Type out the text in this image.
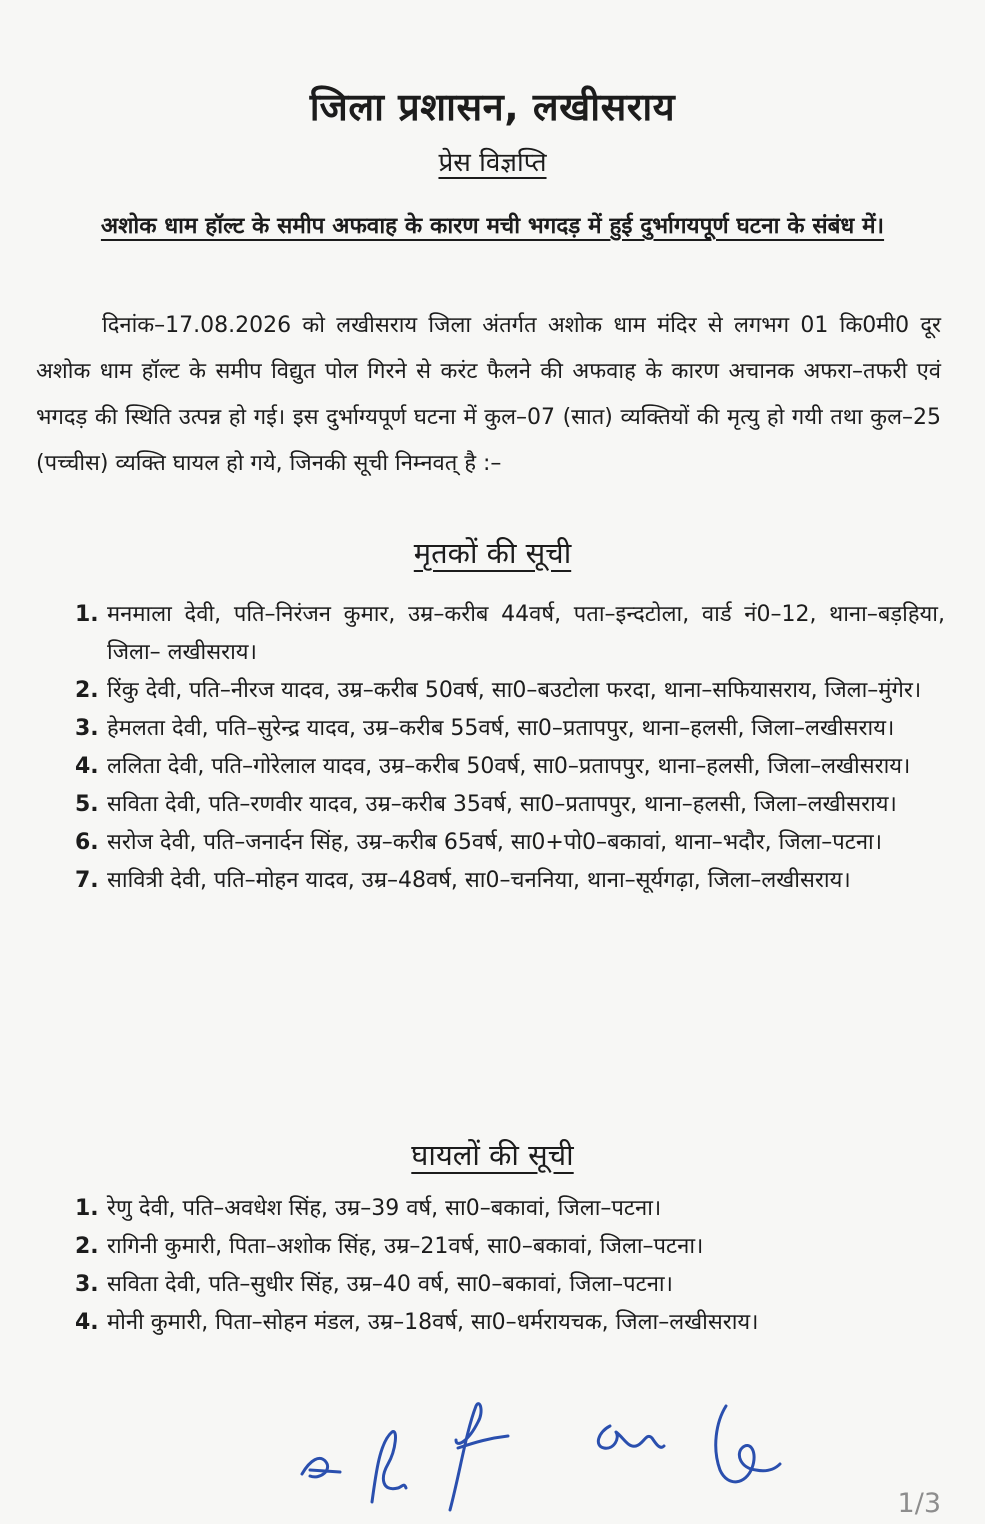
जिला प्रशासन, लखीसराय
प्रेस विज्ञप्ति
अशोक धाम हॉल्ट के समीप अफवाह के कारण मची भगदड़ में हुई दुर्भागयपूर्ण घटना के संबंध में।
दिनांक–17.08.2026 को लखीसराय जिला अंतर्गत अशोक धाम मंदिर से लगभग 01 कि0मी0 दूर अशोक धाम हॉल्ट के समीप विद्युत पोल गिरने से करंट फैलने की अफवाह के कारण अचानक अफरा–तफरी एवं भगदड़ की स्थिति उत्पन्न हो गई। इस दुर्भाग्यपूर्ण घटना में कुल–07 (सात) व्यक्तियों की मृत्यु हो गयी तथा कुल–25 (पच्चीस) व्यक्ति घायल हो गये, जिनकी सूची निम्नवत् है :–
मृतकों की सूची
1. मनमाला देवी, पति–निरंजन कुमार, उम्र–करीब 44वर्ष, पता–इन्दटोला, वार्ड नं0–12, थाना–बड़हिया, जिला– लखीसराय।
2. रिंकु देवी, पति–नीरज यादव, उम्र–करीब 50वर्ष, सा0–बउटोला फरदा, थाना–सफियासराय, जिला–मुंगेर।
3. हेमलता देवी, पति–सुरेन्द्र यादव, उम्र–करीब 55वर्ष, सा0–प्रतापपुर, थाना–हलसी, जिला–लखीसराय।
4. ललिता देवी, पति–गोरेलाल यादव, उम्र–करीब 50वर्ष, सा0–प्रतापपुर, थाना–हलसी, जिला–लखीसराय।
5. सविता देवी, पति–रणवीर यादव, उम्र–करीब 35वर्ष, सा0–प्रतापपुर, थाना–हलसी, जिला–लखीसराय।
6. सरोज देवी, पति–जनार्दन सिंह, उम्र–करीब 65वर्ष, सा0+पो0–बकावां, थाना–भदौर, जिला–पटना।
7. सावित्री देवी, पति–मोहन यादव, उम्र–48वर्ष, सा0–चननिया, थाना–सूर्यगढ़ा, जिला–लखीसराय।
घायलों की सूची
1. रेणु देवी, पति–अवधेश सिंह, उम्र–39 वर्ष, सा0–बकावां, जिला–पटना।
2. रागिनी कुमारी, पिता–अशोक सिंह, उम्र–21वर्ष, सा0–बकावां, जिला–पटना।
3. सविता देवी, पति–सुधीर सिंह, उम्र–40 वर्ष, सा0–बकावां, जिला–पटना।
4. मोनी कुमारी, पिता–सोहन मंडल, उम्र–18वर्ष, सा0–धर्मरायचक, जिला–लखीसराय।
1/3
